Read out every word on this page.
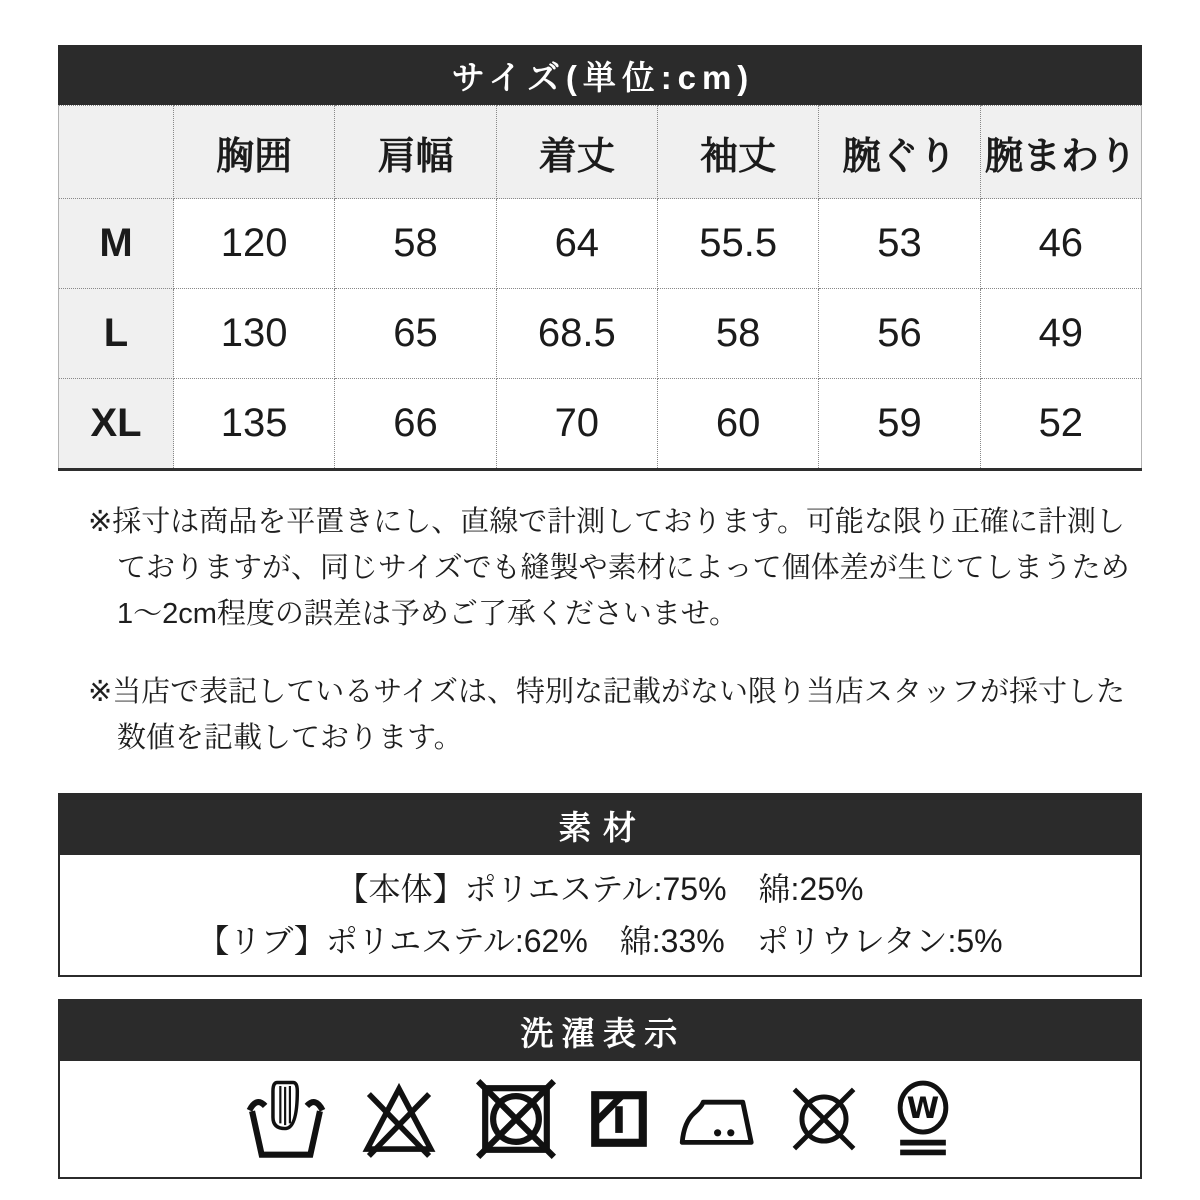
サイズ(単位:cm)
	胸囲	肩幅	着丈	袖丈	腕ぐり	腕まわり
M	120	58	64	55.5	53	46
L	130	65	68.5	58	56	49
XL	135	66	70	60	59	52
※採寸は商品を平置きにし、直線で計測しております。可能な限り正確に計測し
ておりますが、同じサイズでも縫製や素材によって個体差が生じてしまうため
1〜2cm程度の誤差は予めご了承くださいませ。
※当店で表記しているサイズは、特別な記載がない限り当店スタッフが採寸した
数値を記載しております。
素材
【本体】ポリエステル:75%　綿:25%
【リブ】ポリエステル:62%　綿:33%　ポリウレタン:5%
洗濯表示
W
